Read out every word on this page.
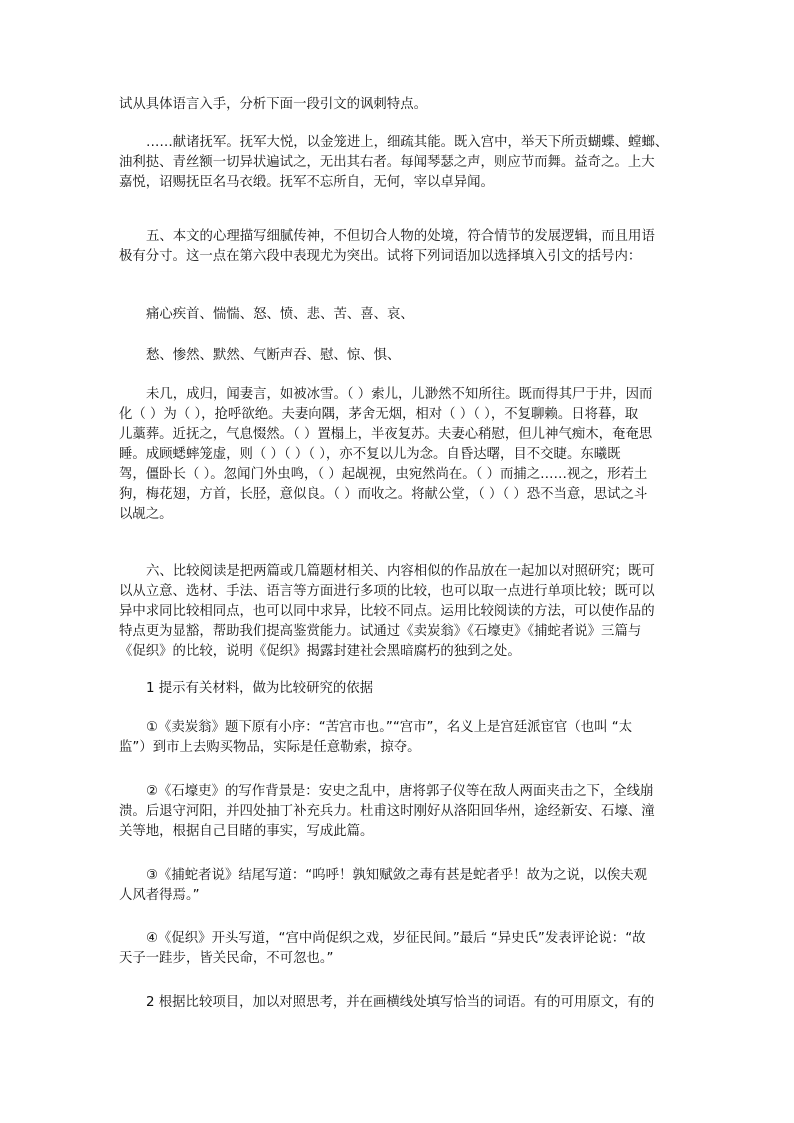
试从具体语言入手，分析下面一段引文的讽刺特点。
……献诸抚军。抚军大悦，以金笼进上，细疏其能。既入宫中，举天下所贡蝴蝶、螳螂、
油利挞、青丝额一切异状遍试之，无出其右者。每闻琴瑟之声，则应节而舞。益奇之。上大
嘉悦，诏赐抚臣名马衣缎。抚军不忘所自，无何，宰以卓异闻。
五、本文的心理描写细腻传神，不但切合人物的处境，符合情节的发展逻辑，而且用语
极有分寸。这一点在第六段中表现尤为突出。试将下列词语加以选择填入引文的括号内：
痛心疾首、惴惴、怒、愤、悲、苦、喜、哀、
愁、惨然、默然、气断声吞、慰、惊、惧、
未几，成归，闻妻言，如被冰雪。（ ）索儿，儿渺然不知所往。既而得其尸于井，因而
化（ ）为（ ），抢呼欲绝。夫妻向隅，茅舍无烟，相对（ ）（ ），不复聊赖。日将暮，取
儿藁葬。近抚之，气息惙然。（ ）置榻上，半夜复苏。夫妻心稍慰，但儿神气痴木，奄奄思
睡。成顾蟋蟀笼虚，则（ ）（ ）（ ），亦不复以儿为念。自昏达曙，目不交睫。东曦既
驾，僵卧长（ ）。忽闻门外虫鸣，（ ）起觇视，虫宛然尚在。（ ）而捕之……视之，形若土
狗，梅花翅，方首，长胫，意似良。（ ）而收之。将献公堂，（ ）（ ）恐不当意，思试之斗
以觇之。
六、比较阅读是把两篇或几篇题材相关、内容相似的作品放在一起加以对照研究；既可
以从立意、选材、手法、语言等方面进行多项的比较，也可以取一点进行单项比较；既可以
异中求同比较相同点，也可以同中求异，比较不同点。运用比较阅读的方法，可以使作品的
特点更为显豁，帮助我们提高鉴赏能力。试通过《卖炭翁》《石壕吏》《捕蛇者说》三篇与
《促织》的比较，说明《促织》揭露封建社会黑暗腐朽的独到之处。
1 提示有关材料，做为比较研究的依据
①《卖炭翁》题下原有小序：“苦宫市也。”“宫市”，名义上是宫廷派宦官（也叫 “太
监”）到市上去购买物品，实际是任意勒索，掠夺。
②《石壕吏》的写作背景是：安史之乱中，唐将郭子仪等在敌人两面夹击之下，全线崩
溃。后退守河阳，并四处抽丁补充兵力。杜甫这时刚好从洛阳回华州，途经新安、石壕、潼
关等地，根据自己目睹的事实，写成此篇。
③《捕蛇者说》结尾写道：“呜呼！孰知赋敛之毒有甚是蛇者乎！故为之说，以俟夫观
人风者得焉。”
④《促织》开头写道，“宫中尚促织之戏，岁征民间。”最后 “异史氏”发表评论说：“故
天子一跬步，皆关民命，不可忽也。”
2 根据比较项目，加以对照思考，并在画横线处填写恰当的词语。有的可用原文，有的
